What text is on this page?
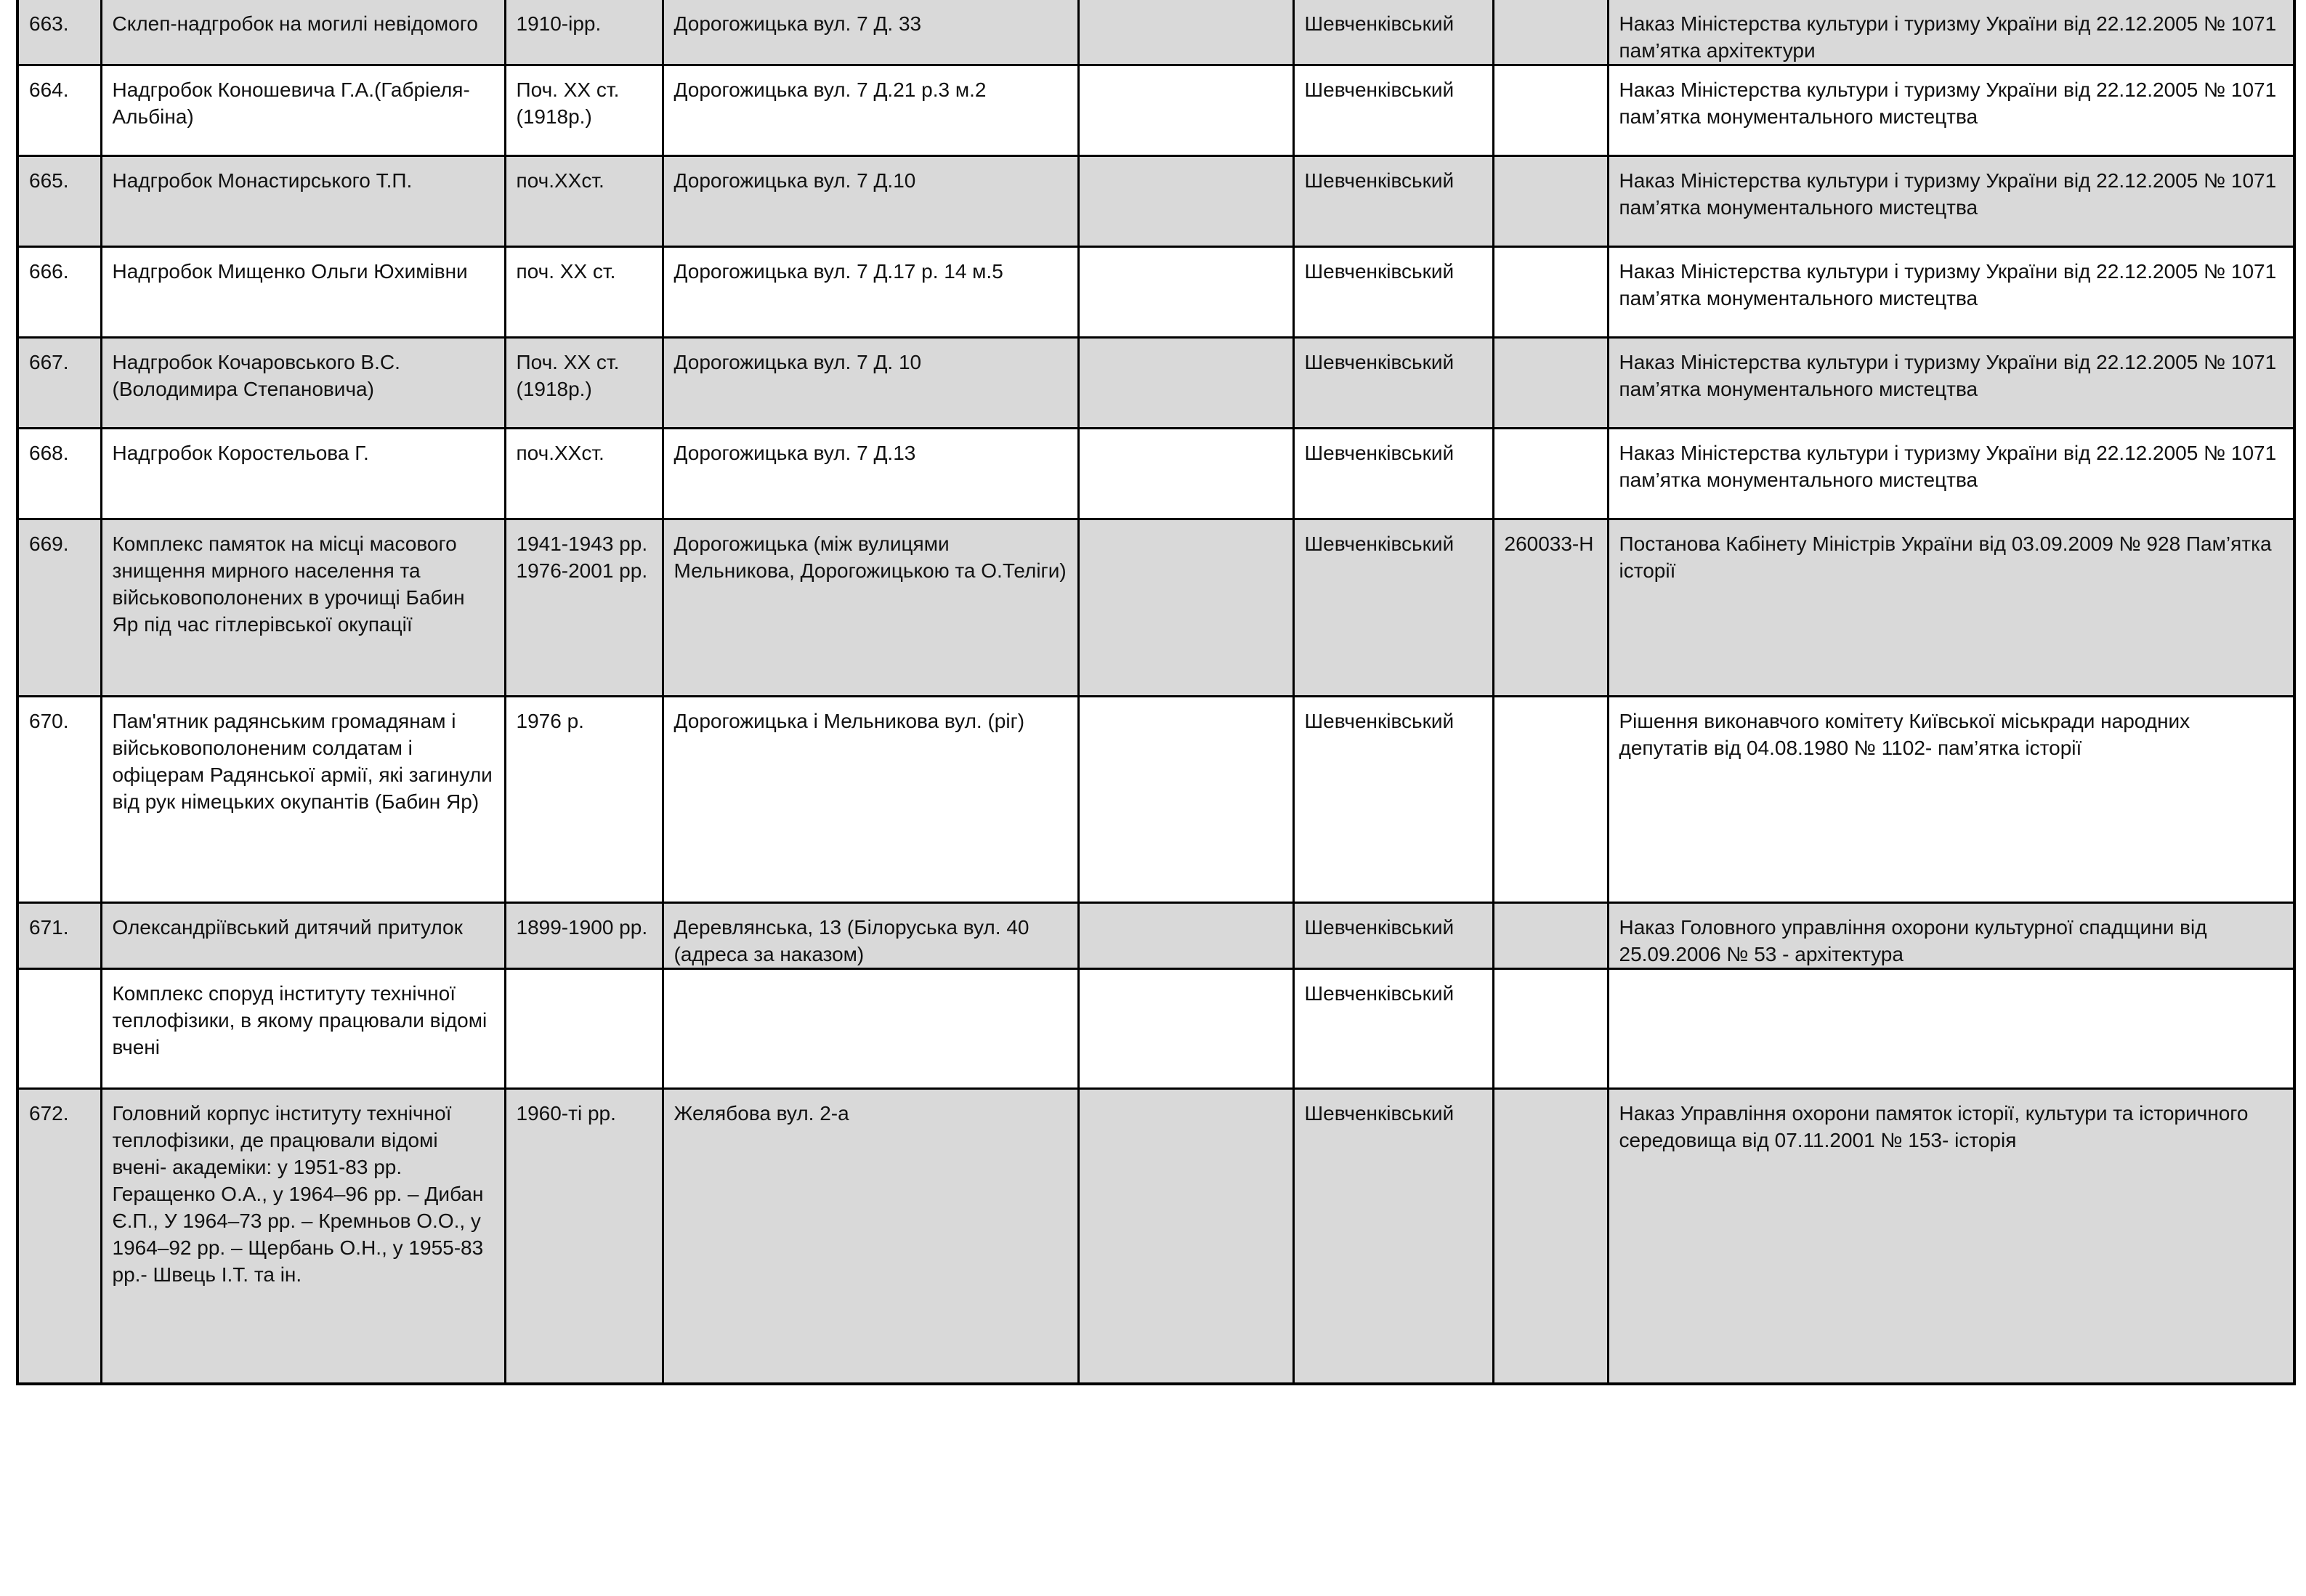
663.	Склеп-надгробок на могилі невідомого	1910-ірр.	Дорогожицька вул. 7 Д. 33		Шевченківський		Наказ Міністерства культури і туризму України від 22.12.2005 № 1071 пам’ятка архітектури
664.	Надгробок Коношевича Г.А.(Габріеля-Альбіна)	Поч. ХХ ст. (1918р.)	Дорогожицька вул. 7 Д.21 р.3 м.2		Шевченківський		Наказ Міністерства культури і туризму України від 22.12.2005 № 1071 пам’ятка монументального мистецтва
665.	Надгробок Монастирського Т.П.	поч.ХХст.	Дорогожицька вул. 7 Д.10		Шевченківський		Наказ Міністерства культури і туризму України від 22.12.2005 № 1071 пам’ятка монументального мистецтва
666.	Надгробок Мищенко Ольги Юхимівни	поч. ХХ ст.	Дорогожицька вул. 7 Д.17 р. 14 м.5		Шевченківський		Наказ Міністерства культури і туризму України від 22.12.2005 № 1071 пам’ятка монументального мистецтва
667.	Надгробок Кочаровського В.С.(Володимира Степановича)	Поч. ХХ ст. (1918р.)	Дорогожицька вул. 7 Д. 10		Шевченківський		Наказ Міністерства культури і туризму України від 22.12.2005 № 1071 пам’ятка монументального мистецтва
668.	Надгробок Коростельова Г.	поч.ХХст.	Дорогожицька вул. 7 Д.13		Шевченківський		Наказ Міністерства культури і туризму України від 22.12.2005 № 1071 пам’ятка монументального мистецтва
669.	Комплекс памяток на місці масового знищення мирного населення та військовополонених в урочищі Бабин Яр під час гітлерівської окупації	1941-1943 рр. 1976-2001 рр.	Дорогожицька (між вулицями Мельникова, Дорогожицькою та О.Теліги)		Шевченківський	260033-Н	Постанова Кабінету Міністрів України від 03.09.2009 № 928 Пам’ятка історії
670.	Пам'ятник радянським громадянам і військовополоненим солдатам і офіцерам Радянської армії, які загинули від рук німецьких окупантів (Бабин Яр)	1976 р.	Дорогожицька і Мельникова вул. (ріг)		Шевченківський		Рішення виконавчого комітету Київської міськради народних депутатів від 04.08.1980 № 1102- пам’ятка історії
671.	Олександріївський дитячий притулок	1899-1900 рр.	Деревлянська, 13 (Білоруська вул. 40 (адреса за наказом)		Шевченківський		Наказ Головного управління охорони культурної спадщини від 25.09.2006 № 53 - архітектура
	Комплекс споруд інституту технічної теплофізики, в якому працювали відомі вчені				Шевченківський		
672.	Головний корпус інституту технічної теплофізики, де працювали відомі вчені- академіки: у 1951-83 рр. Геращенко О.А., у 1964–96 рр. – Дибан Є.П., У 1964–73 рр. – Кремньов О.О., у 1964–92 рр. – Щербань О.Н., у 1955-83 рр.- Швець І.Т. та ін.	1960-ті рр.	Желябова вул. 2-а		Шевченківський		Наказ Управління охорони памяток історії, культури та історичного середовища від 07.11.2001 № 153- історія
